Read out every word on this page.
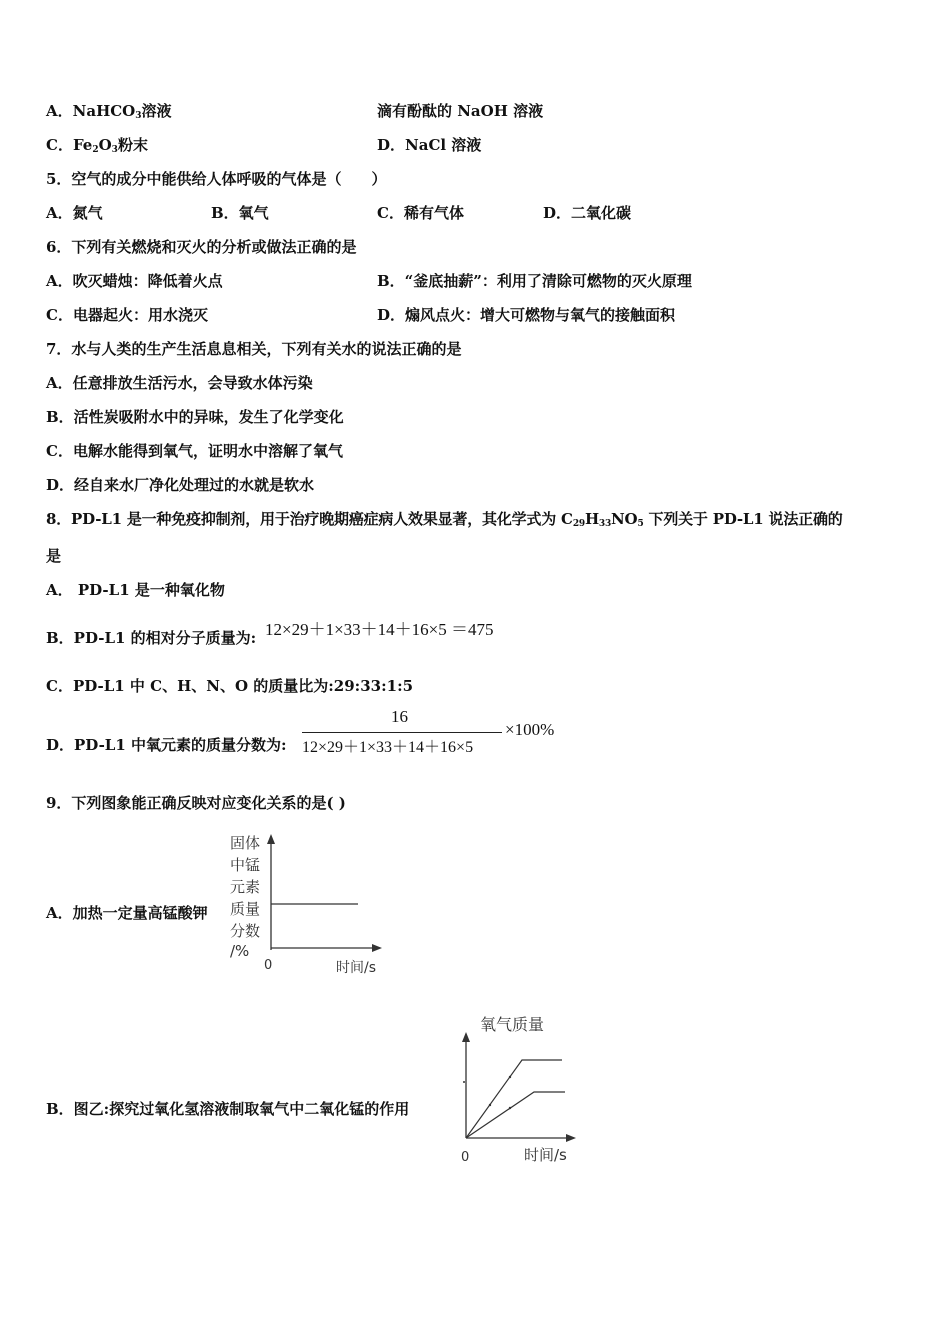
A．NaHCO$_3$溶液	滴有酚酞的 NaOH 溶液
C．$Fe_2O_3$粉末	D．NaCl 溶液
5．空气的成分中能供给人体呼吸的气体是（　　）
A．氮气	B．氧气	C．稀有气体	D．二氧化碳
6．下列有关燃烧和灭火的分析或做法正确的是
A．吹灭蜡烛：降低着火点	B．“釜底抽薪”：利用了清除可燃物的灭火原理
C．电器起火：用水浇灭	D．煽风点火：增大可燃物与氧气的接触面积
7．水与人类的生产生活息息相关，下列有关水的说法正确的是
A．任意排放生活污水，会导致水体污染
B．活性炭吸附水中的异味，发生了化学变化
C．电解水能得到氧气，证明水中溶解了氧气
D．经自来水厂净化处理过的水就是软水
8．PD-L1 是一种免疫抑制剂，用于治疗晚期癌症病人效果显著，其化学式为 $C_{29}H_{33}NO_5$ 下列关于 PD-L1 说法正确的
是
A． PD-L1 是一种氧化物
B．PD-L1 的相对分子质量为: 12×29＋1×33＋14＋16×5 ＝475
C．PD-L1 中 C、H、N、O 的质量比为:29:33:1:5
D．PD-L1 中氧元素的质量分数为:
16
12×29＋1×33＋14＋16×5
×100%
9．下列图象能正确反映对应变化关系的是( )
A．加热一定量高锰酸钾
固体
中锰
元素
质量
分数
/%
0	时间/s
B．图乙:探究过氧化氢溶液制取氧气中二氧化锰的作用
氧气质量
0	时间/s
